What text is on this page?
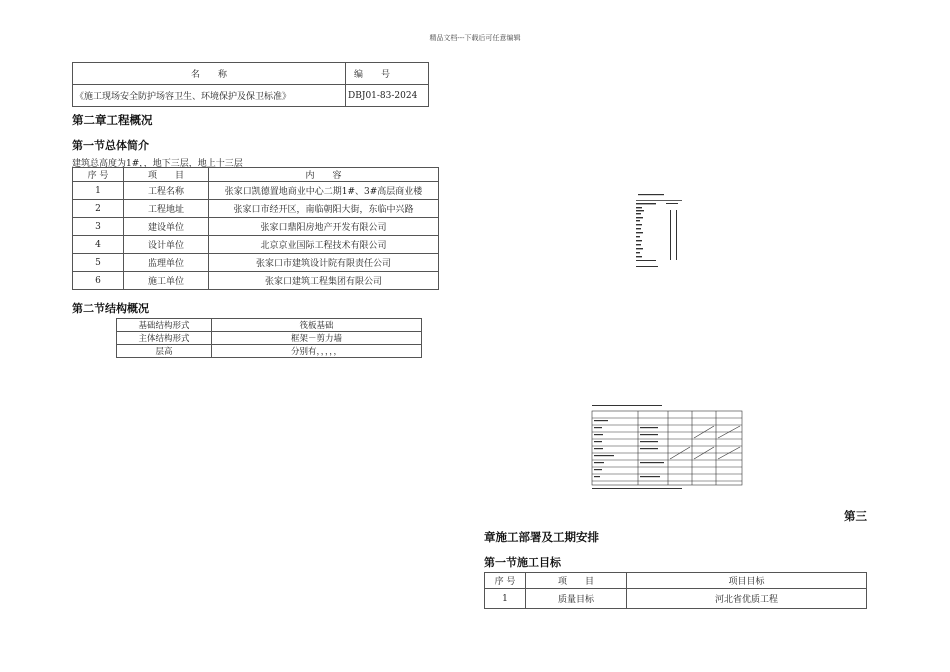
精品文档---下载后可任意编辑
名　　称	编　　号
《施工现场安全防护场容卫生、环境保护及保卫标准》	DBJ01-83-2024
第二章工程概况
第一节总体简介
建筑总高度为1#，，地下三层，地上十三层
序 号	项　　目	内　　容
1	工程名称	张家口凯德置地商业中心二期1#、3#高层商业楼
2	工程地址	张家口市经开区，南临朝阳大街，东临中兴路
3	建设单位	张家口鼎阳房地产开发有限公司
4	设计单位	北京京业国际工程技术有限公司
5	监理单位	张家口市建筑设计院有限责任公司
6	施工单位	张家口建筑工程集团有限公司
第二节结构概况
基础结构形式	筏板基础
主体结构形式	框架－剪力墙
层高	分别有，，，，，
第三
章施工部署及工期安排
第一节施工目标
序 号	项　　目	项目目标
1	质量目标	河北省优质工程
